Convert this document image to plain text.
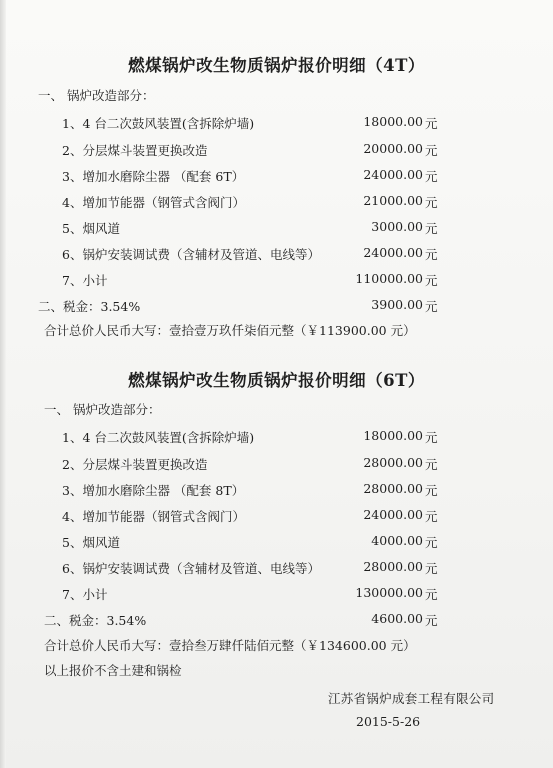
燃煤锅炉改生物质锅炉报价明细（4T）
一、 锅炉改造部分：
1、4 台二次鼓风装置(含拆除炉墙)	18000.00 元
2、分层煤斗装置更换改造	20000.00 元
3、增加水磨除尘器 （配套 6T）	24000.00 元
4、增加节能器（钢管式含阀门）	21000.00 元
5、烟风道	3000.00 元
6、锅炉安装调试费（含辅材及管道、电线等）	24000.00 元
7、小计	110000.00 元
二、税金：3.54%	3900.00 元
合计总价人民币大写：壹拾壹万玖仟柒佰元整（￥113900.00 元）
燃煤锅炉改生物质锅炉报价明细（6T）
一、 锅炉改造部分：
1、4 台二次鼓风装置(含拆除炉墙)	18000.00 元
2、分层煤斗装置更换改造	28000.00 元
3、增加水磨除尘器 （配套 8T）	28000.00 元
4、增加节能器（钢管式含阀门）	24000.00 元
5、烟风道	4000.00 元
6、锅炉安装调试费（含辅材及管道、电线等）	28000.00 元
7、小计	130000.00 元
二、税金：3.54%	4600.00 元
合计总价人民币大写：壹拾叁万肆仟陆佰元整（￥134600.00 元）
以上报价不含土建和锅检
江苏省锅炉成套工程有限公司
2015-5-26
